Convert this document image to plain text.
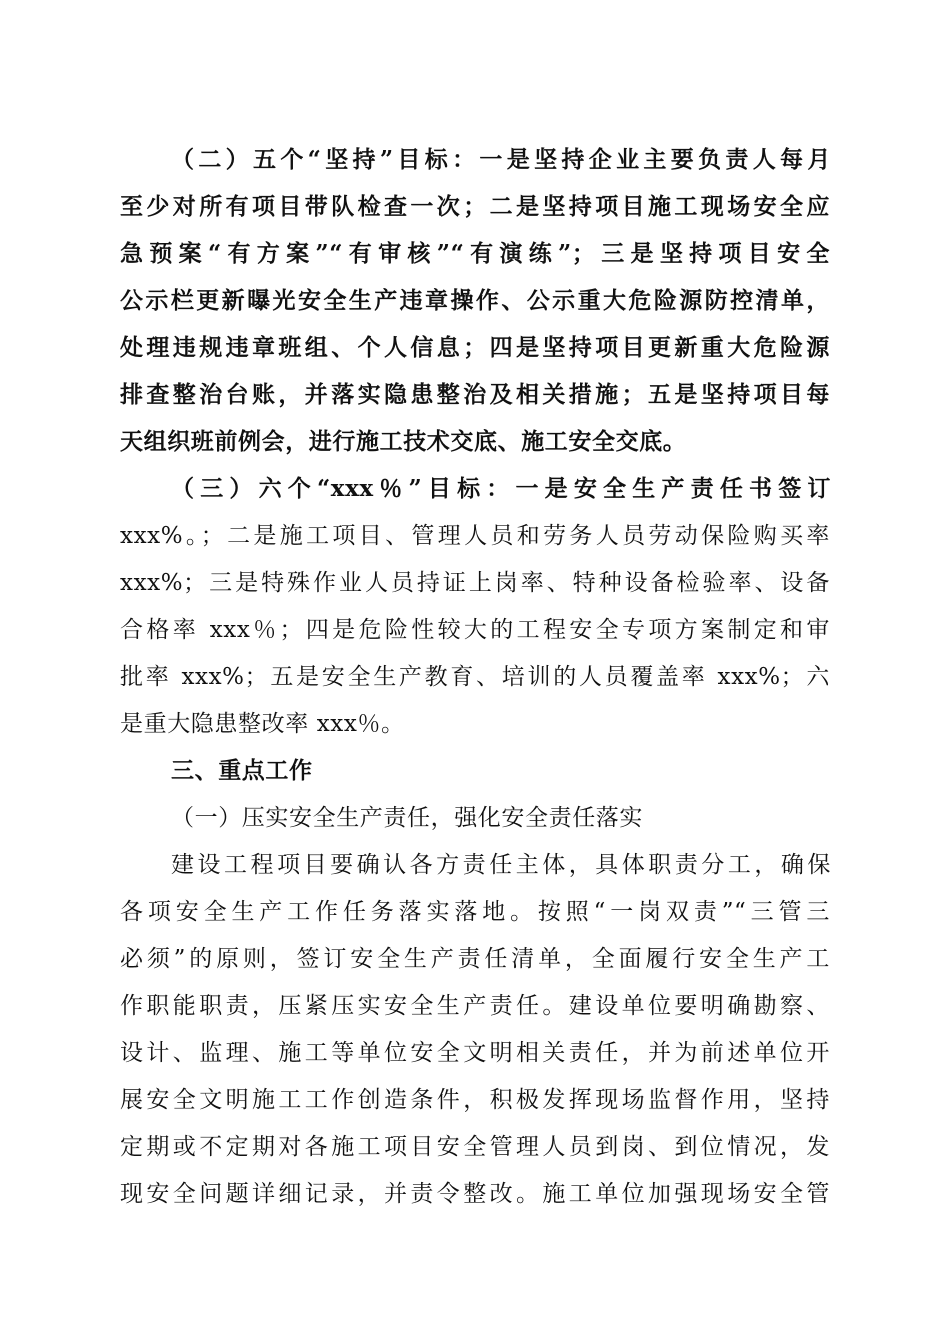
（二）五个“坚持”目标：一是坚持企业主要负责人每月
至少对所有项目带队检查一次；二是坚持项目施工现场安全应
急预案“有方案”“有审核”“有演练”；三是坚持项目安全
公示栏更新曝光安全生产违章操作、公示重大危险源防控清单，
处理违规违章班组、个人信息；四是坚持项目更新重大危险源
排查整治台账，并落实隐患整治及相关措施；五是坚持项目每
天组织班前例会，进行施工技术交底、施工安全交底。
（三）六个“xxx％”目标：一是安全生产责任书签订
xxx%。；二是施工项目、管理人员和劳务人员劳动保险购买率
xxx%；三是特殊作业人员持证上岗率、特种设备检验率、设备
合格率 xxx％；四是危险性较大的工程安全专项方案制定和审
批率 xxx%；五是安全生产教育、培训的人员覆盖率 xxx%；六
是重大隐患整改率 xxx％。
三、重点工作
（一）压实安全生产责任，强化安全责任落实
建设工程项目要确认各方责任主体，具体职责分工，确保
各项安全生产工作任务落实落地。按照“一岗双责”“三管三
必须”的原则，签订安全生产责任清单，全面履行安全生产工
作职能职责，压紧压实安全生产责任。建设单位要明确勘察、
设计、监理、施工等单位安全文明相关责任，并为前述单位开
展安全文明施工工作创造条件，积极发挥现场监督作用，坚持
定期或不定期对各施工项目安全管理人员到岗、到位情况，发
现安全问题详细记录，并责令整改。施工单位加强现场安全管
